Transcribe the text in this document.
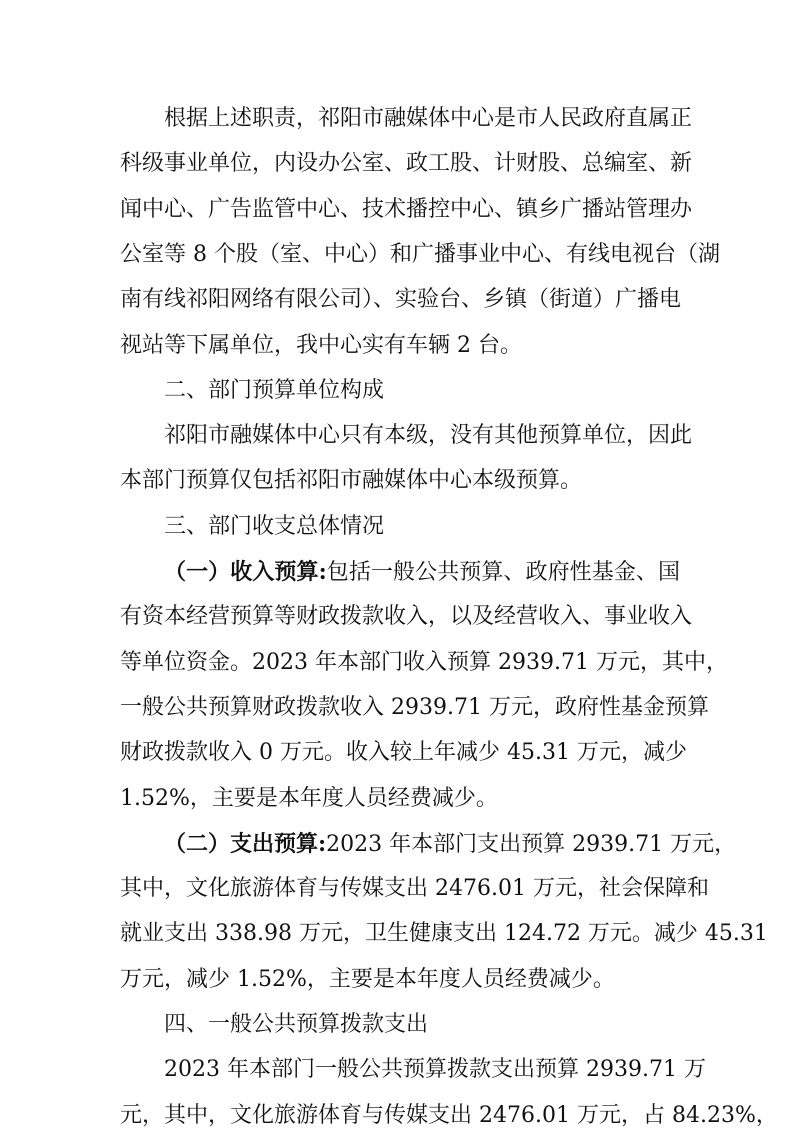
根据上述职责，祁阳市融媒体中心是市人民政府直属正
科级事业单位，内设办公室、政工股、计财股、总编室、新
闻中心、广告监管中心、技术播控中心、镇乡广播站管理办
公室等 8 个股（室、中心）和广播事业中心、有线电视台（湖
南有线祁阳网络有限公司）、实验台、乡镇（街道）广播电
视站等下属单位，我中心实有车辆 2 台。
二、部门预算单位构成
祁阳市融媒体中心只有本级，没有其他预算单位，因此
本部门预算仅包括祁阳市融媒体中心本级预算。
三、部门收支总体情况
（一）收入预算:包括一般公共预算、政府性基金、国
有资本经营预算等财政拨款收入，以及经营收入、事业收入
等单位资金。2023 年本部门收入预算 2939.71 万元，其中，
一般公共预算财政拨款收入 2939.71 万元，政府性基金预算
财政拨款收入 0 万元。收入较上年减少 45.31 万元，减少
1.52%，主要是本年度人员经费减少。
（二）支出预算:2023 年本部门支出预算 2939.71 万元，
其中，文化旅游体育与传媒支出 2476.01 万元，社会保障和
就业支出 338.98 万元，卫生健康支出 124.72 万元。减少 45.31
万元，减少 1.52%，主要是本年度人员经费减少。
四、一般公共预算拨款支出
2023 年本部门一般公共预算拨款支出预算 2939.71 万
元，其中，文化旅游体育与传媒支出 2476.01 万元，占 84.23%，
